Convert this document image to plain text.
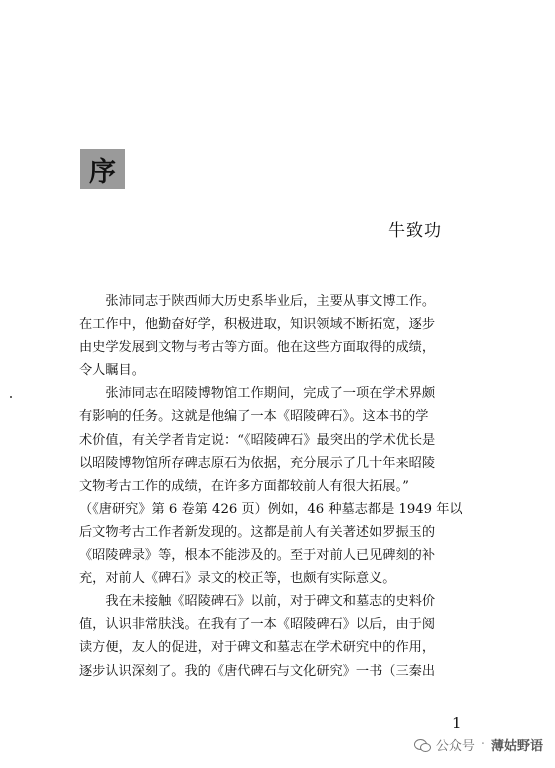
序
牛致功

张沛同志于陕西师大历史系毕业后，主要从事文博工作。
在工作中，他勤奋好学，积极进取，知识领域不断拓宽，逐步
由史学发展到文物与考古等方面。他在这些方面取得的成绩，
令人瞩目。

张沛同志在昭陵博物馆工作期间，完成了一项在学术界颇
有影响的任务。这就是他编了一本《昭陵碑石》。这本书的学
术价值，有关学者肯定说：“《昭陵碑石》最突出的学术优长是
以昭陵博物馆所存碑志原石为依据，充分展示了几十年来昭陵
文物考古工作的成绩，在许多方面都较前人有很大拓展。”
（《唐研究》第 6 卷第 426 页）例如，46 种墓志都是 1949 年以
后文物考古工作者新发现的。这都是前人有关著述如罗振玉的
《昭陵碑录》等，根本不能涉及的。至于对前人已见碑刻的补
充，对前人《碑石》录文的校正等，也颇有实际意义。

我在未接触《昭陵碑石》以前，对于碑文和墓志的史料价
值，认识非常肤浅。在我有了一本《昭陵碑石》以后，由于阅
读方便，友人的促进，对于碑文和墓志在学术研究中的作用，
逐步认识深刻了。我的《唐代碑石与文化研究》一书（三秦出

1
公众号 · 薄姑野语
